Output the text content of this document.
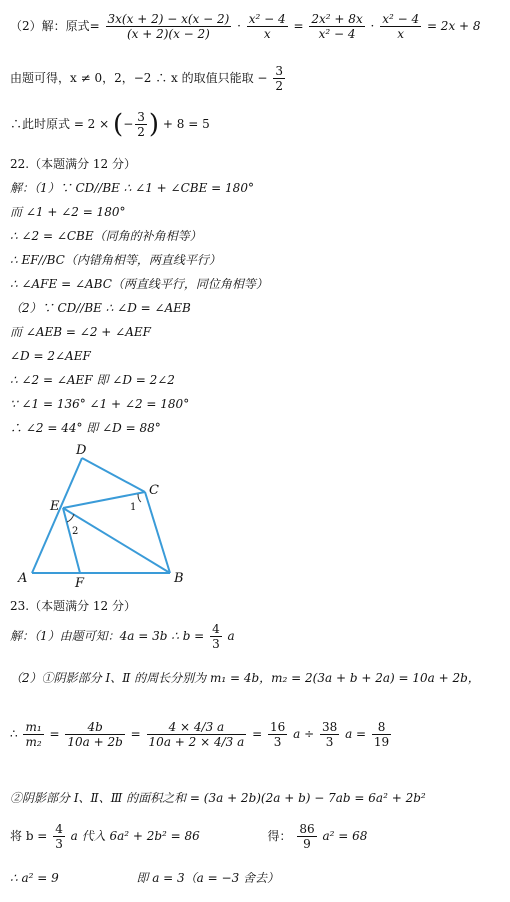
（2）解：原式= $\frac{3x(x + 2) - x(x - 2)}{(x + 2)(x - 2)} \cdot \frac{\text{x² − 4}}{x} = \frac{\text{2x² + 8x}}{\text{x² − 4}} \cdot \frac{\text{x² − 4}}{x} = 2x + 8$
由题可得，x ≠ 0，2，−2 ∴ x 的取值只能取 − $\frac{3}{2}$
∴此时原式 = 2 × (− $\frac{3}{2}$ ) + 8 = 5
22.（本题满分 12 分）
解：（1）∵ CD//BE ∴ ∠1 + ∠CBE = 180°
而 ∠1 + ∠2 = 180°
∴ ∠2 = ∠CBE（同角的补角相等）
∴ EF//BC（内错角相等，两直线平行）
∴ ∠AFE = ∠ABC（两直线平行，同位角相等）
（2）∵ CD//BE ∴ ∠D = ∠AEB
而 ∠AEB = ∠2 + ∠AEF
∠D = 2∠AEF
∴ ∠2 = ∠AEF 即 ∠D = 2∠2
∵ ∠1 = 136° ∠1 + ∠2 = 180°
∴ ∠2 = 44° 即 ∠D = 88°
D
C
E
A	F	B
1
2
23.（本题满分 12 分）
解：（1）由题可知：4a = 3b ∴ $b = \frac{4}{3}$ a
（2）①阴影部分 Ⅰ、Ⅱ 的周长分别为 m₁ = 4b，m₂ = 2(3a + b + 2a) = 10a + 2b，
∴ $\frac{\text{m₁}}{\text{m₂}} = \frac{4b}{10a + 2b} = \frac{4 \times 4/3 a}{10a + 2 \times 4/3 a} = \frac{16}{3}$ $a \div \frac{38}{3}$ $a = \frac{8}{19}$
②阴影部分 Ⅰ、Ⅱ、Ⅲ 的面积之和 = (3a + 2b)(2a + b) − 7ab = 6a² + 2b²
将 $b = \frac{4}{3}$ a 代入 6a² + 2b² = 86	得： $\frac{86}{9} a^2 = 68$
∴ a² = 9	即 a = 3（a = −3 舍去）
